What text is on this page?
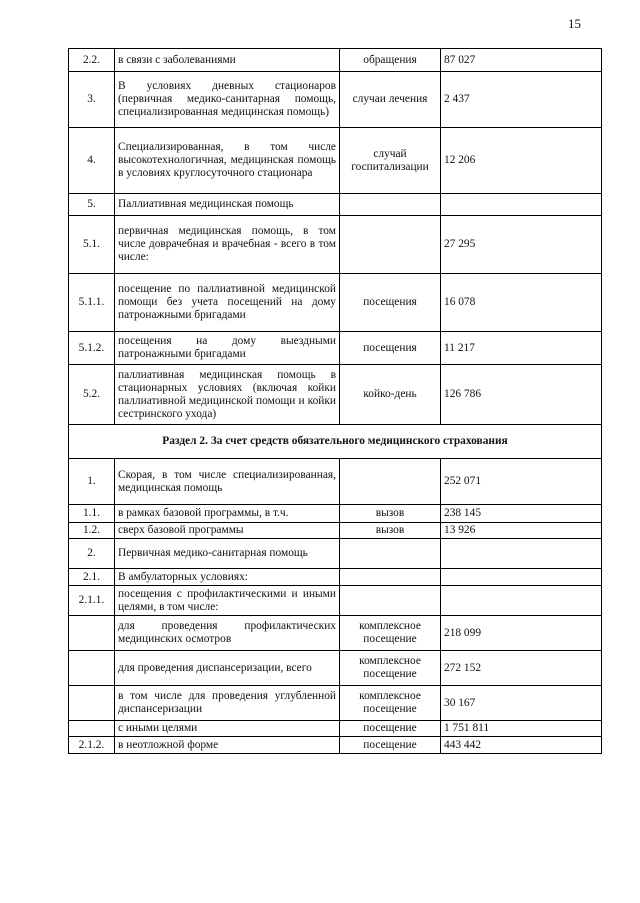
15
2.2.	в связи с заболеваниями	обращения	87 027
3.	В условиях дневных стационаров (первичная медико-санитарная помощь, специализированная медицинская помощь)	случаи лечения	2 437
4.	Специализированная, в том числе высокотехнологичная, медицинская помощь в условиях круглосуточного стационара	случай госпитализации	12 206
5.	Паллиативная медицинская помощь		
5.1.	первичная медицинская помощь, в том числе доврачебная и врачебная - всего в том числе:		27 295
5.1.1.	посещение по паллиативной медицинской помощи без учета посещений на дому патронажными бригадами	посещения	16 078
5.1.2.	посещения на дому выездными патронажными бригадами	посещения	11 217
5.2.	паллиативная медицинская помощь в стационарных условиях (включая койки паллиативной медицинской помощи и койки сестринского ухода)	койко-день	126 786
Раздел 2. За счет средств обязательного медицинского страхования			
1.	Скорая, в том числе специализированная, медицинская помощь		252 071
1.1.	в рамках базовой программы, в т.ч.	вызов	238 145
1.2.	сверх базовой программы	вызов	13 926
2.	Первичная медико-санитарная помощь		
2.1.	В амбулаторных условиях:		
2.1.1.	посещения с профилактическими и иными целями, в том числе:		
	для проведения профилактических медицинских осмотров	комплексное посещение	218 099
	для проведения диспансеризации, всего	комплексное посещение	272 152
	в том числе для проведения углубленной диспансеризации	комплексное посещение	30 167
	с иными целями	посещение	1 751 811
2.1.2.	в неотложной форме	посещение	443 442
